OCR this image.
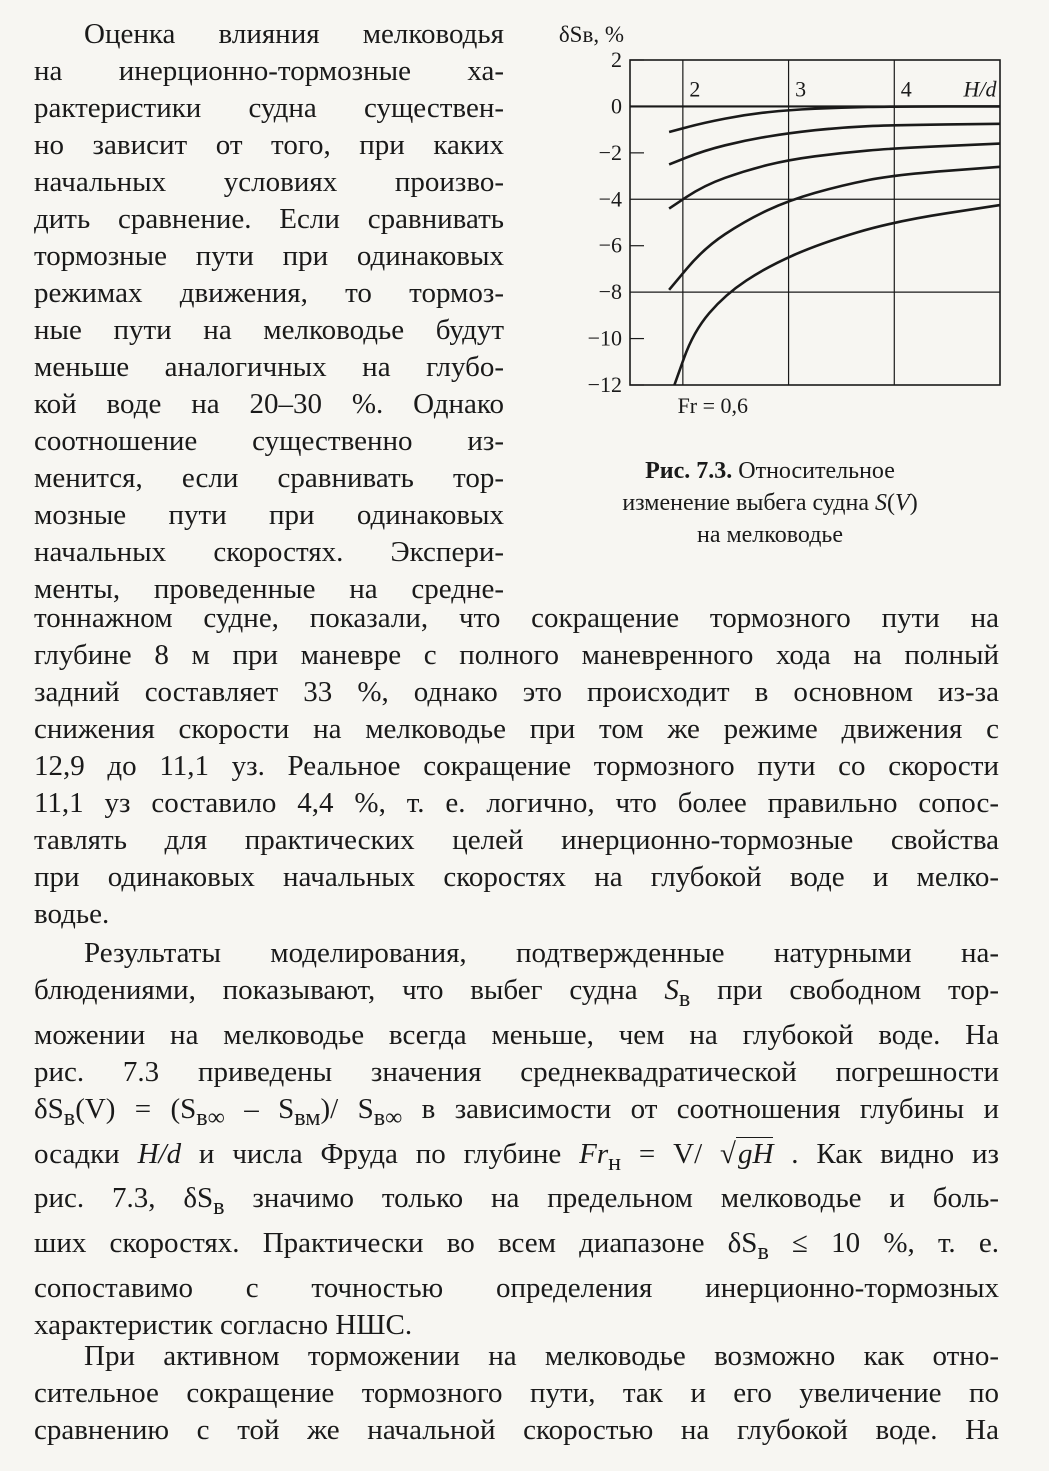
Оценка влияния мелководья
на инерционно-тормозные ха-
рактеристики судна существен-
но зависит от того, при каких
начальных условиях произво-
дить сравнение. Если сравнивать
тормозные пути при одинаковых
режимах движения, то тормоз-
ные пути на мелководье будут
меньше аналогичных на глубо-
кой воде на 20–30 %. Однако
соотношение существенно из-
менится, если сравнивать тор-
мозные пути при одинаковых
начальных скоростях. Экспери-
менты, проведенные на средне-
2	3	4
2
0
−2
−4
−6
−8
−10
−12
δSв, %
H/d
Fr = 0,6
Рис. 7.3. Относительное
изменение выбега судна S(V)
на мелководье
тоннажном судне, показали, что сокращение тормозного пути на
глубине 8 м при маневре с полного маневренного хода на полный
задний составляет 33 %, однако это происходит в основном из-за
снижения скорости на мелководье при том же режиме движения с
12,9 до 11,1 уз. Реальное сокращение тормозного пути со скорости
11,1 уз составило 4,4 %, т. е. логично, что более правильно сопос-
тавлять для практических целей инерционно-тормозные свойства
при одинаковых начальных скоростях на глубокой воде и мелко-
водье.
Результаты моделирования, подтвержденные натурными на-
блюдениями, показывают, что выбег судна $S_в$ при свободном тор-
можении на мелководье всегда меньше, чем на глубокой воде. На
рис. 7.3 приведены значения среднеквадратической погрешности
$\delta S_в(V) = (S_{в\infty} - S_{вм})/$ $S_{в\infty}$ в зависимости от соотношения глубины и
осадки H/d и числа Фруда по глубине $Fr_н = V/$ √gH . Как видно из
рис. 7.3, $\delta S_в$ значимо только на предельном мелководье и боль-
ших скоростях. Практически во всем диапазоне $\delta S_в \le 10$ %, т. е.
сопоставимо с точностью определения инерционно-тормозных
характеристик согласно НШС.
При активном торможении на мелководье возможно как отно-
сительное сокращение тормозного пути, так и его увеличение по
сравнению с той же начальной скоростью на глубокой воде. На
